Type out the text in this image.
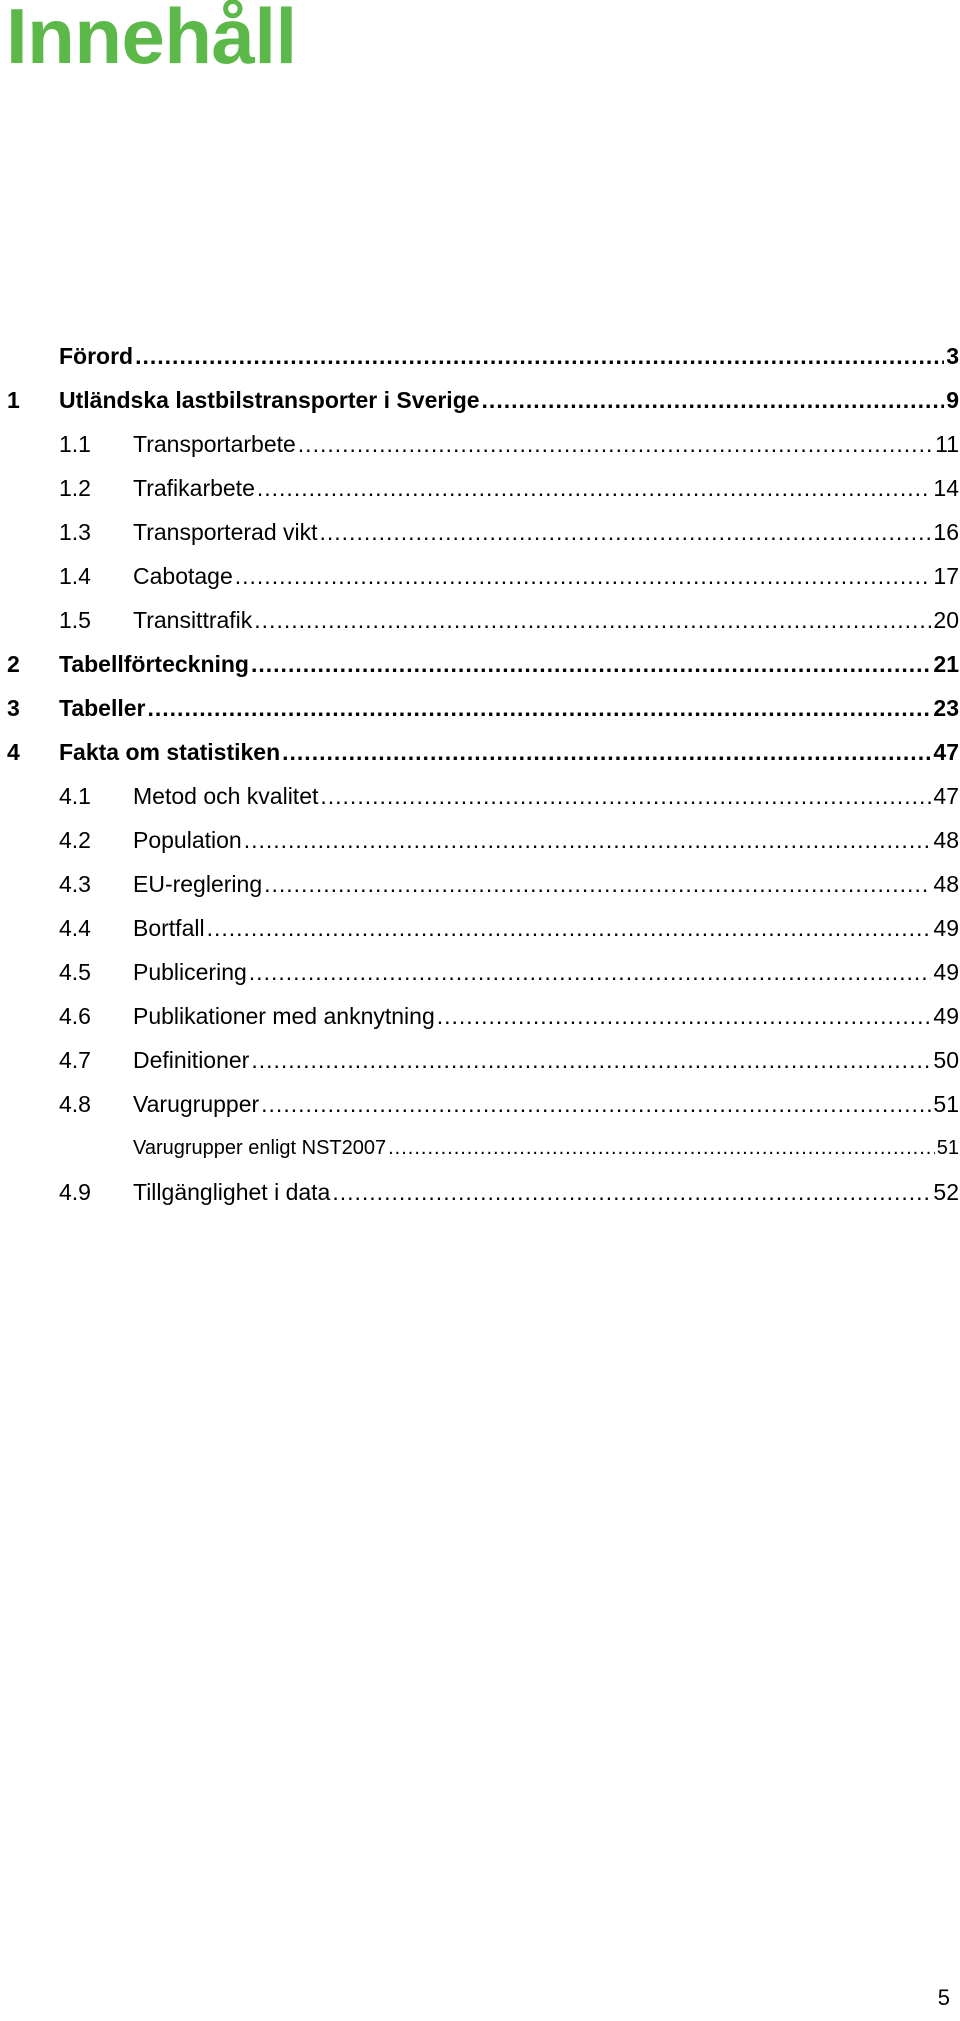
Innehåll
Förord .....	3
1	Utländska lastbilstransporter i Sverige .....	9
1.1	Transportarbete .....	11
1.2	Trafikarbete .....	14
1.3	Transporterad vikt .....	16
1.4	Cabotage .....	17
1.5	Transittrafik .....	20
2	Tabellförteckning .....	21
3	Tabeller .....	23
4	Fakta om statistiken .....	47
4.1	Metod och kvalitet .....	47
4.2	Population .....	48
4.3	EU-reglering .....	48
4.4	Bortfall .....	49
4.5	Publicering .....	49
4.6	Publikationer med anknytning .....	49
4.7	Definitioner .....	50
4.8	Varugrupper .....	51
Varugrupper enligt NST2007 .....	51
4.9	Tillgänglighet i data .....	52
5
